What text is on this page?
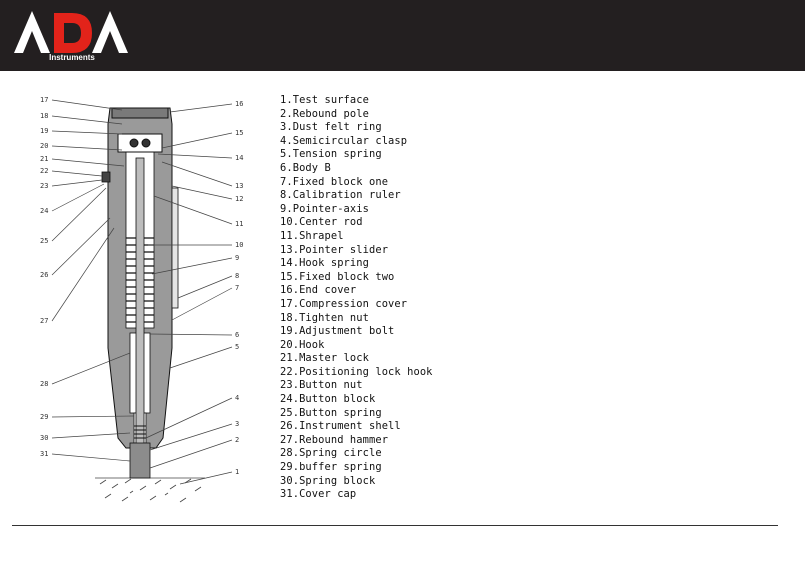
Instruments
17
18
19
20
21
22
23
24
25
26
27
28
29
30
31
16
15
14
13
12
11
10
9
8
7
6
5
4
3
2
1
1.Test surface
2.Rebound pole
3.Dust felt ring
4.Semicircular clasp
5.Tension spring
6.Body B
7.Fixed block one
8.Calibration ruler
9.Pointer-axis
10.Center rod
11.Shrapel
13.Pointer slider
14.Hook spring
15.Fixed block two
16.End cover
17.Compression cover
18.Tighten nut
19.Adjustment bolt
20.Hook
21.Master lock
22.Positioning lock hook
23.Button nut
24.Button block
25.Button spring
26.Instrument shell
27.Rebound hammer
28.Spring circle
29.buffer spring
30.Spring block
31.Cover cap
